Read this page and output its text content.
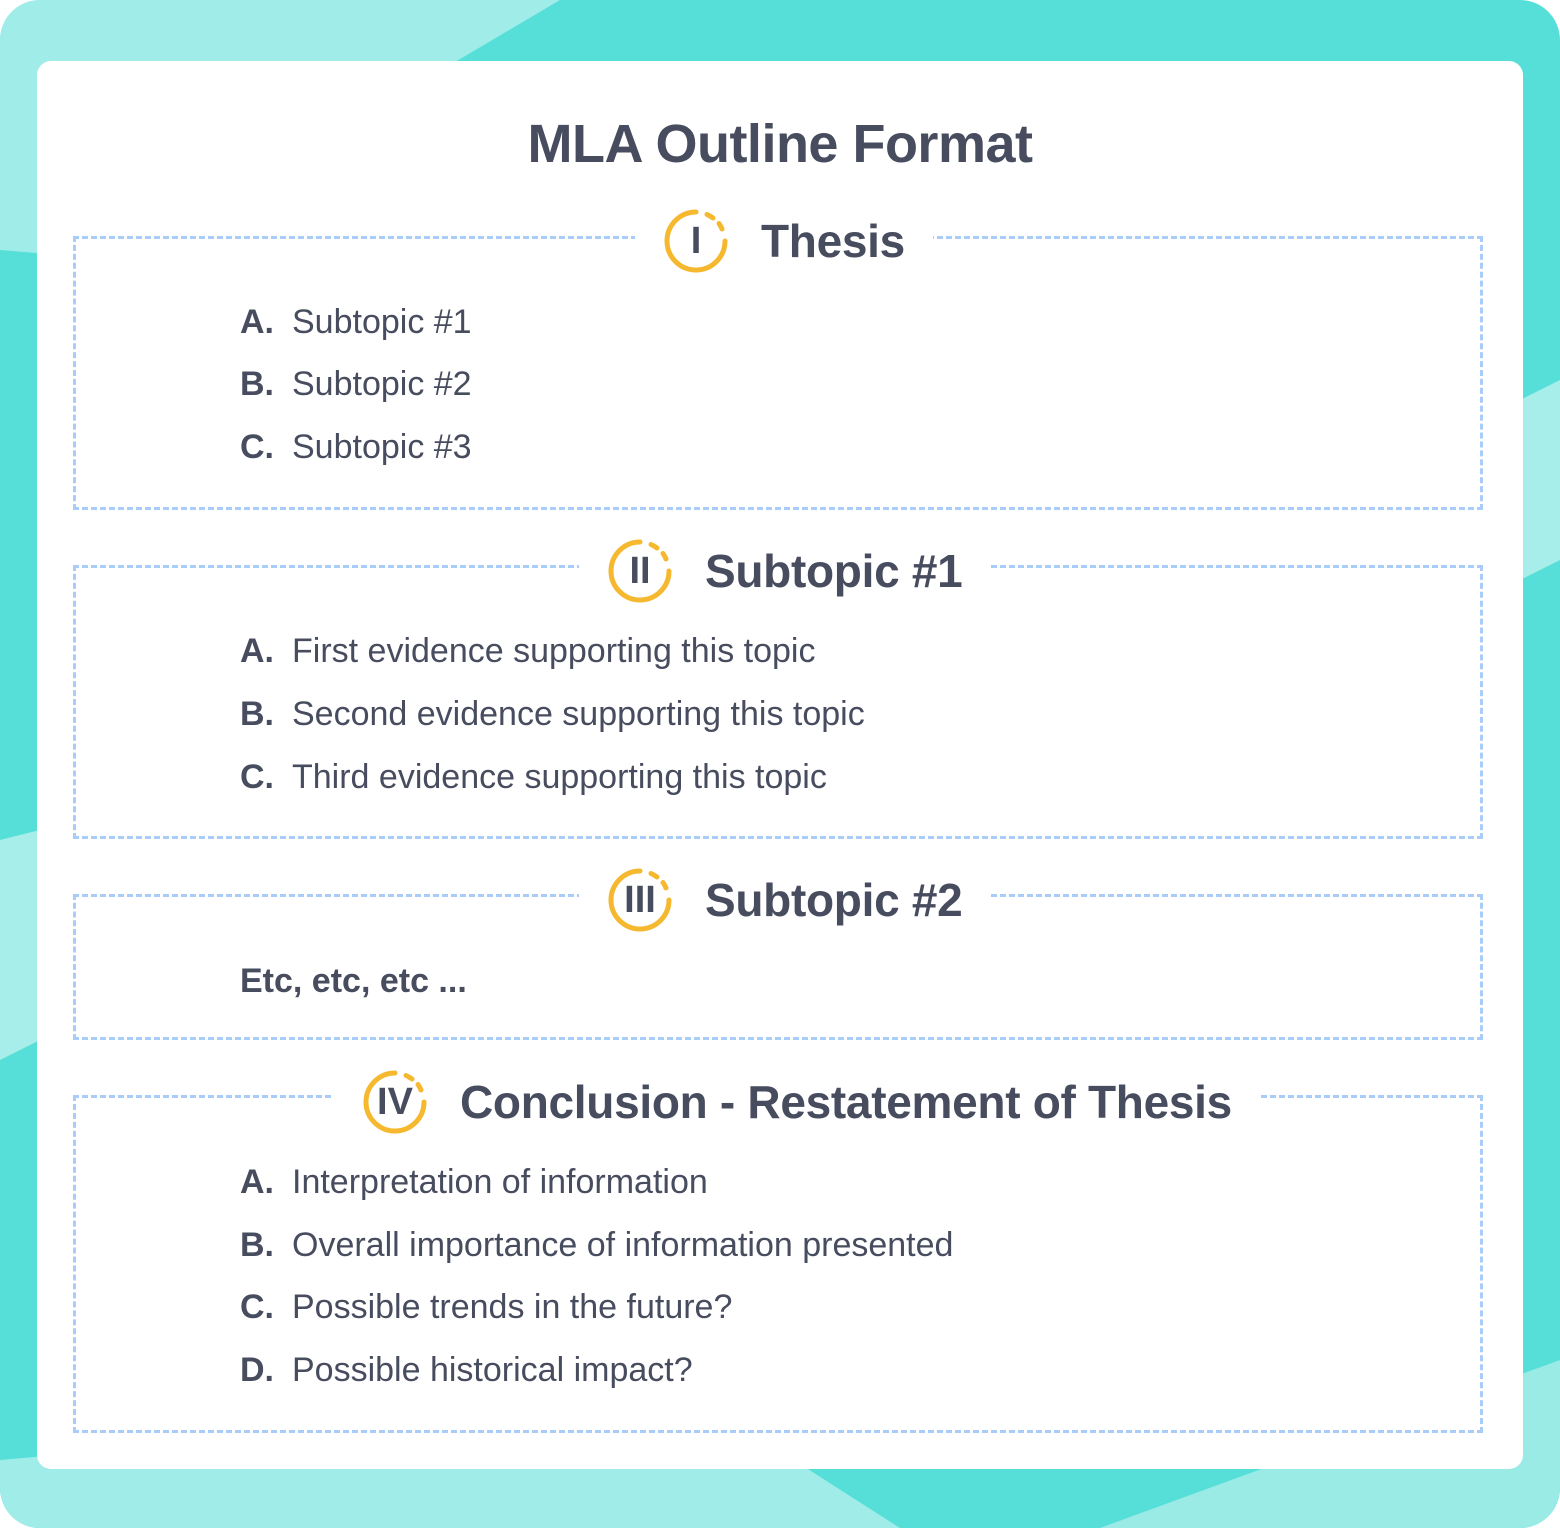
MLA Outline Format
I	Thesis
A. Subtopic #1
B. Subtopic #2
C. Subtopic #3
II	Subtopic #1
A. First evidence supporting this topic
B. Second evidence supporting this topic
C. Third evidence supporting this topic
III	Subtopic #2
Etc, etc, etc ...
IV	Conclusion - Restatement of Thesis
A. Interpretation of information
B. Overall importance of information presented
C. Possible trends in the future?
D. Possible historical impact?
